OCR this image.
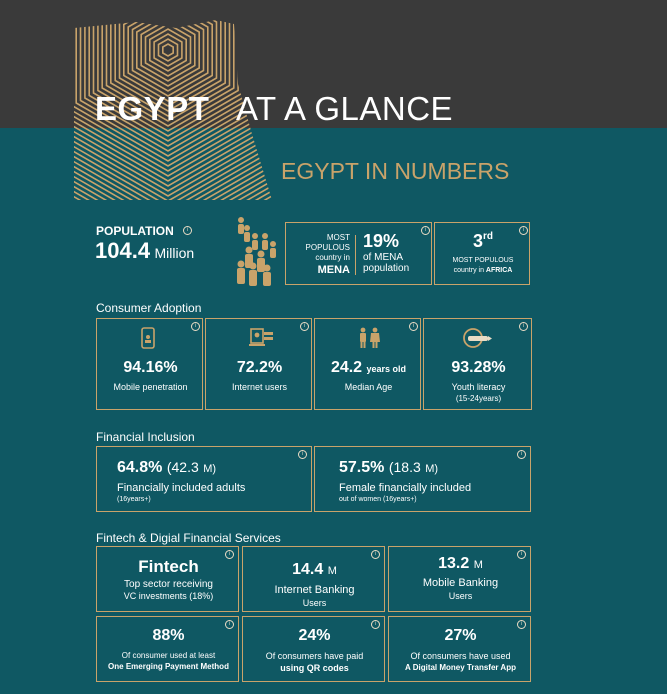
EGYPT AT A GLANCE
EGYPT IN NUMBERS
POPULATION	i
104.4 Million
i
MOST
POPULOUS
country in
MENA
19%
of MENA
population
i
3rd
MOST POPULOUS
country in AFRICA
Consumer Adoption
i
94.16%
Mobile penetration
i
72.2%
Internet users
i
24.2 years old
Median Age
i
93.28%
Youth literacy
(15-24years)
Financial Inclusion
i
64.8% (42.3 M)
Financially included adults
(16years+)
i
57.5% (18.3 M)
Female financially included
out of women (16years+)
Fintech & Digial Financial Services
i
Fintech
Top sector receiving
VC investments (18%)
i
14.4 M
Internet Banking
Users
i
13.2 M
Mobile Banking
Users
i
88%
Of consumer used at least
One Emerging Payment Method
i
24%
Of consumers have paid
using QR codes
i
27%
Of consumers have used
A Digital Money Transfer App
